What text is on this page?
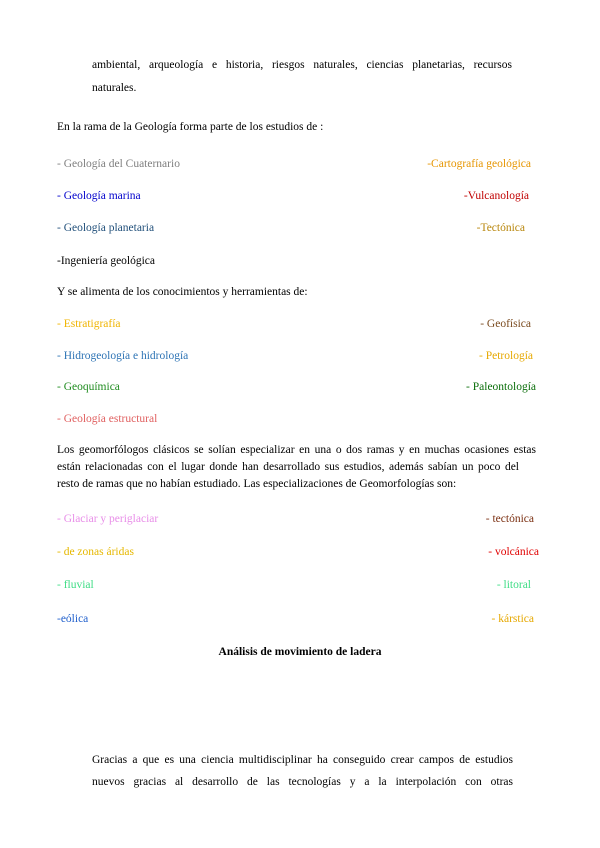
ambiental, arqueología e historia, riesgos naturales, ciencias planetarias, recursos
naturales.
En la rama de la Geología forma parte de los estudios de :
- Geología del Cuaternario	-Cartografía geológica
- Geología marina	-Vulcanología
- Geología planetaria	-Tectónica
-Ingeniería geológica
Y se alimenta de los conocimientos y herramientas de:
- Estratigrafía	- Geofísica
- Hidrogeología e hidrología	- Petrología
- Geoquímica	- Paleontología
- Geología estructural
Los geomorfólogos clásicos se solían especializar en una o dos ramas y en muchas ocasiones estas
están relacionadas con el lugar donde han desarrollado sus estudios, además sabían un poco del
resto de ramas que no habían estudiado. Las especializaciones de Geomorfologías son:
- Glaciar y periglaciar	- tectónica
- de zonas áridas	- volcánica
- fluvial	- litoral
-eólica	- kárstica
Análisis de movimiento de ladera
Gracias a que es una ciencia multidisciplinar ha conseguido crear campos de estudios
nuevos gracias al desarrollo de las tecnologías y a la interpolación con otras
